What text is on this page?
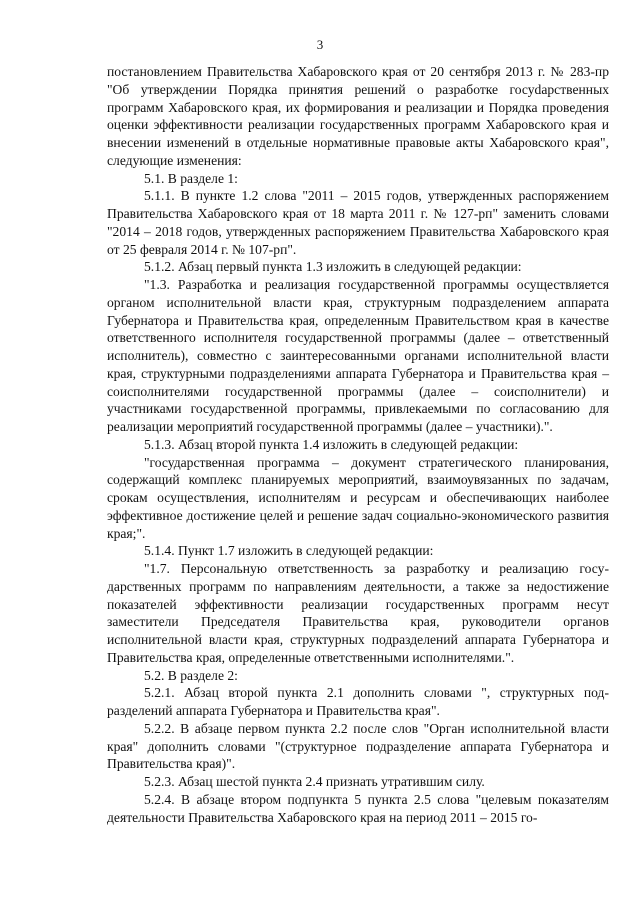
3

постановлением Правительства Хабаровского края от 20 сентября 2013 г. № 283-пр "Об утверждении Порядка принятия решений о разработке госуdарственных программ Хабаровского края, их формирования и реализации и Порядка проведения оценки эффективности реализации государственных программ Хабаровского края и внесении изменений в отдельные нормативные правовые акты Хабаровского края", следующие изменения:

5.1. В разделе 1:

5.1.1. В пункте 1.2 слова "2011 – 2015 годов, утвержденных распоряжением Правительства Хабаровского края от 18 марта 2011 г. № 127-рп" заменить словами "2014 – 2018 годов, утвержденных распоряжением Правительства Хабаровского края от 25 февраля 2014 г. № 107-рп".

5.1.2. Абзац первый пункта 1.3 изложить в следующей редакции:

"1.3. Разработка и реализация государственной программы осуществляется органом исполнительной власти края, структурным подразделением аппарата Губернатора и Правительства края, определенным Правительством края в качестве ответственного исполнителя государственной программы (далее – ответственный исполнитель), совместно с заинтересованными органами исполнительной власти края, структурными подразделениями аппарата Губернатора и Правительства края – соисполнителями государственной программы (далее – соисполнители) и участниками государственной программы, привлекаемыми по согласованию для реализации мероприятий государственной программы (далее – участники).".

5.1.3. Абзац второй пункта 1.4 изложить в следующей редакции:

"государственная программа – документ стратегического планирования, содержащий комплекс планируемых мероприятий, взаимоувязанных по задачам, срокам осуществления, исполнителям и ресурсам и обеспечивающих наиболее эффективное достижение целей и решение задач социально-экономического развития края;".

5.1.4. Пункт 1.7 изложить в следующей редакции:

"1.7. Персональную ответственность за разработку и реализацию государственных программ по направлениям деятельности, а также за недостижение показателей эффективности реализации государственных программ несут заместители Председателя Правительства края, руководители органов исполнительной власти края, структурных подразделений аппарата Губернатора и Правительства края, определенные ответственными исполнителями.".

5.2. В разделе 2:

5.2.1. Абзац второй пункта 2.1 дополнить словами ", структурных подразделений аппарата Губернатора и Правительства края".

5.2.2. В абзаце первом пункта 2.2 после слов "Орган исполнительной власти края" дополнить словами "(структурное подразделение аппарата Губернатора и Правительства края)".

5.2.3. Абзац шестой пункта 2.4 признать утратившим силу.

5.2.4. В абзаце втором подпункта 5 пункта 2.5 слова "целевым показателям деятельности Правительства Хабаровского края на период 2011 – 2015 го-
